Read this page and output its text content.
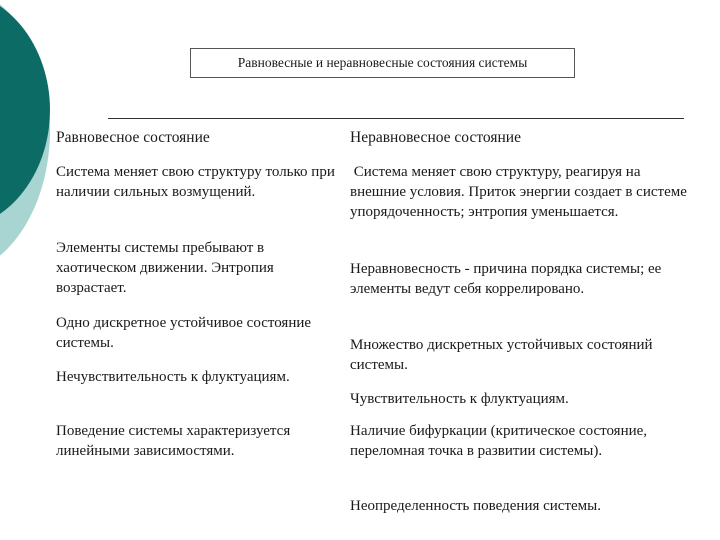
Равновесные и неравновесные состояния системы

Равновесное состояние

Система меняет свою структуру только при наличии сильных возмущений.

Элементы системы пребывают в хаотическом движении. Энтропия возрастает.

Одно дискретное устойчивое состояние системы.

Нечувствительность к флуктуациям.

Поведение системы характеризуется линейными зависимостями.

Неравновесное состояние

Система меняет свою структуру, реагируя на внешние условия. Приток энергии создает в системе упорядоченность; энтропия уменьшается.

Неравновесность - причина порядка системы; ее элементы ведут себя коррелировано.

Множество дискретных устойчивых состояний системы.

Чувствительность к флуктуациям.

Наличие бифуркации (критическое состояние, переломная точка в развитии системы).

Неопределенность поведения системы.
